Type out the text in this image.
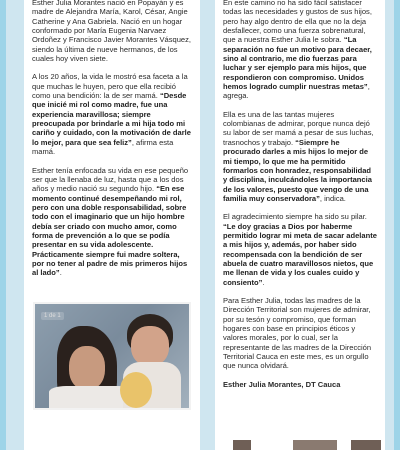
Esther Julia Morantes nació en Popayán y es madre de Alejandra María, Karol, César, Angie Catherine y Ana Gabriela. Nació en un hogar conformado por María Eugenia Narvaez Ordoñez y Francisco Javier Morantes Vásquez, siendo la última de nueve hermanos, de los cuales hoy viven siete.

A los 20 años, la vida le mostró esa faceta a la que muchas le huyen, pero que ella recibió como una bendición: la de ser mamá. “Desde que inicié mi rol como madre, fue una experiencia maravillosa; siempre preocupada por brindarle a mi hija todo mi cariño y cuidado, con la motivación de darle lo mejor, para que sea feliz”, afirma esta mamá.

Esther tenía enfocada su vida en ese pequeño ser que la llenaba de luz, hasta que a los dos años y medio nació su segundo hijo. “En ese momento continué desempeñando mi rol, pero con una doble responsabilidad, sobre todo con el imaginario que un hijo hombre debía ser criado con mucho amor, como forma de prevención a lo que se podía presentar en su vida adolescente. Prácticamente siempre fui madre soltera, por no tener al padre de mis primeros hijos al lado”.

1 de 1

En este camino no ha sido fácil satisfacer todas las necesidades y gustos de sus hijos, pero hay algo dentro de ella que no la deja desfallecer, como una fuerza sobrenatural, que a nuestra Esther Julia le sobra. “La separación no fue un motivo para decaer, sino al contrario, me dio fuerzas para luchar y ser ejemplo para mis hijos, que respondieron con compromiso. Unidos hemos logrado cumplir nuestras metas”, agrega.

Ella es una de las tantas mujeres colombianas de admirar, porque nunca dejó su labor de ser mamá a pesar de sus luchas, trasnochos y trabajo. “Siempre he procurado darles a mis hijos lo mejor de mi tiempo, lo que me ha permitido formarlos con honradez, responsabilidad y disciplina, inculcándoles la importancia de los valores, puesto que vengo de una familia muy conservadora”, indica.

El agradecimiento siempre ha sido su pilar. “Le doy gracias a Dios por haberme permitido lograr mi meta de sacar adelante a mis hijos y, además, por haber sido recompensada con la bendición de ser abuela de cuatro maravillosos nietos, que me llenan de vida y los cuales cuido y consiento”.

Para Esther Julia, todas las madres de la Dirección Territorial son mujeres de admirar, por su tesón y compromiso, que forman hogares con base en principios éticos y valores morales, por lo cual, ser la representante de las madres de la Dirección Territorial Cauca en este mes, es un orgullo que nunca olvidará.

Esther Julia Morantes, DT Cauca
